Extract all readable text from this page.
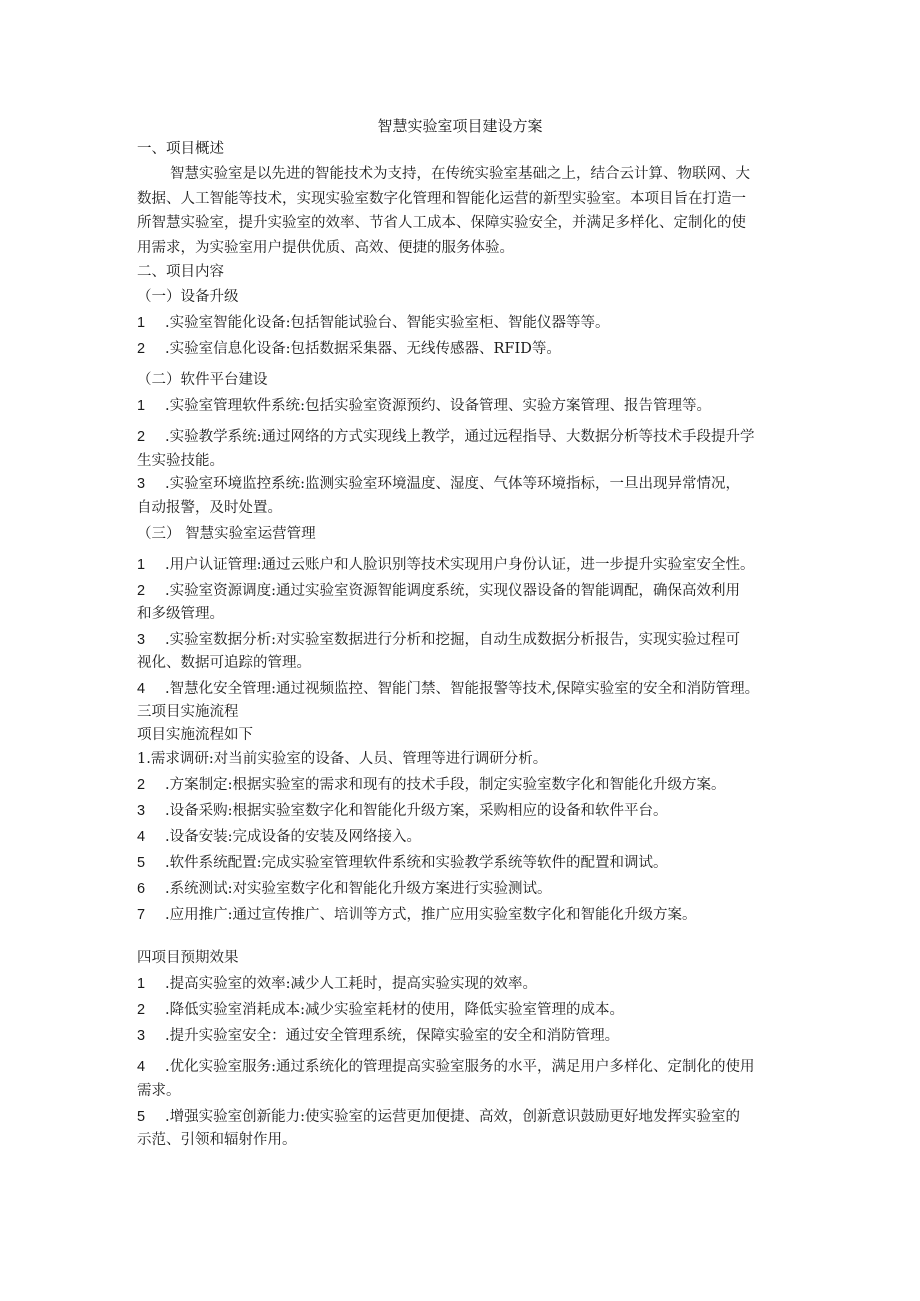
智慧实验室项目建设方案
一、项目概述
智慧实验室是以先进的智能技术为支持，在传统实验室基础之上，结合云计算、物联网、大
数据、人工智能等技术，实现实验室数字化管理和智能化运营的新型实验室。本项目旨在打造一
所智慧实验室，提升实验室的效率、节省人工成本、保障实验安全，并满足多样化、定制化的使
用需求，为实验室用户提供优质、高效、便捷的服务体验。
二、项目内容
（一）设备升级
1 .实验室智能化设备:包括智能试验台、智能实验室柜、智能仪器等等。
2 .实验室信息化设备:包括数据采集器、无线传感器、RFID等。
（二）软件平台建设
1 .实验室管理软件系统:包括实验室资源预约、设备管理、实验方案管理、报告管理等。
2 .实验教学系统:通过网络的方式实现线上教学，通过远程指导、大数据分析等技术手段提升学
生实验技能。
3 .实验室环境监控系统:监测实验室环境温度、湿度、气体等环境指标，一旦出现异常情况，
自动报警，及时处置。
（三） 智慧实验室运营管理
1 .用户认证管理:通过云账户和人脸识别等技术实现用户身份认证，进一步提升实验室安全性。
2 .实验室资源调度:通过实验室资源智能调度系统，实现仪器设备的智能调配，确保高效利用
和多级管理。
3 .实验室数据分析:对实验室数据进行分析和挖掘，自动生成数据分析报告，实现实验过程可
视化、数据可追踪的管理。
4 .智慧化安全管理:通过视频监控、智能门禁、智能报警等技术,保障实验室的安全和消防管理。
三项目实施流程
项目实施流程如下
1.需求调研:对当前实验室的设备、人员、管理等进行调研分析。
2 .方案制定:根据实验室的需求和现有的技术手段，制定实验室数字化和智能化升级方案。
3 .设备采购:根据实验室数字化和智能化升级方案，采购相应的设备和软件平台。
4 .设备安装:完成设备的安装及网络接入。
5 .软件系统配置:完成实验室管理软件系统和实验教学系统等软件的配置和调试。
6 .系统测试:对实验室数字化和智能化升级方案进行实验测试。
7 .应用推广:通过宣传推广、培训等方式，推广应用实验室数字化和智能化升级方案。
四项目预期效果
1 .提高实验室的效率:减少人工耗时，提高实验实现的效率。
2 .降低实验室消耗成本:减少实验室耗材的使用，降低实验室管理的成本。
3 .提升实验室安全：通过安全管理系统，保障实验室的安全和消防管理。
4 .优化实验室服务:通过系统化的管理提高实验室服务的水平，满足用户多样化、定制化的使用
需求。
5 .增强实验室创新能力:使实验室的运营更加便捷、高效，创新意识鼓励更好地发挥实验室的
示范、引领和辐射作用。
